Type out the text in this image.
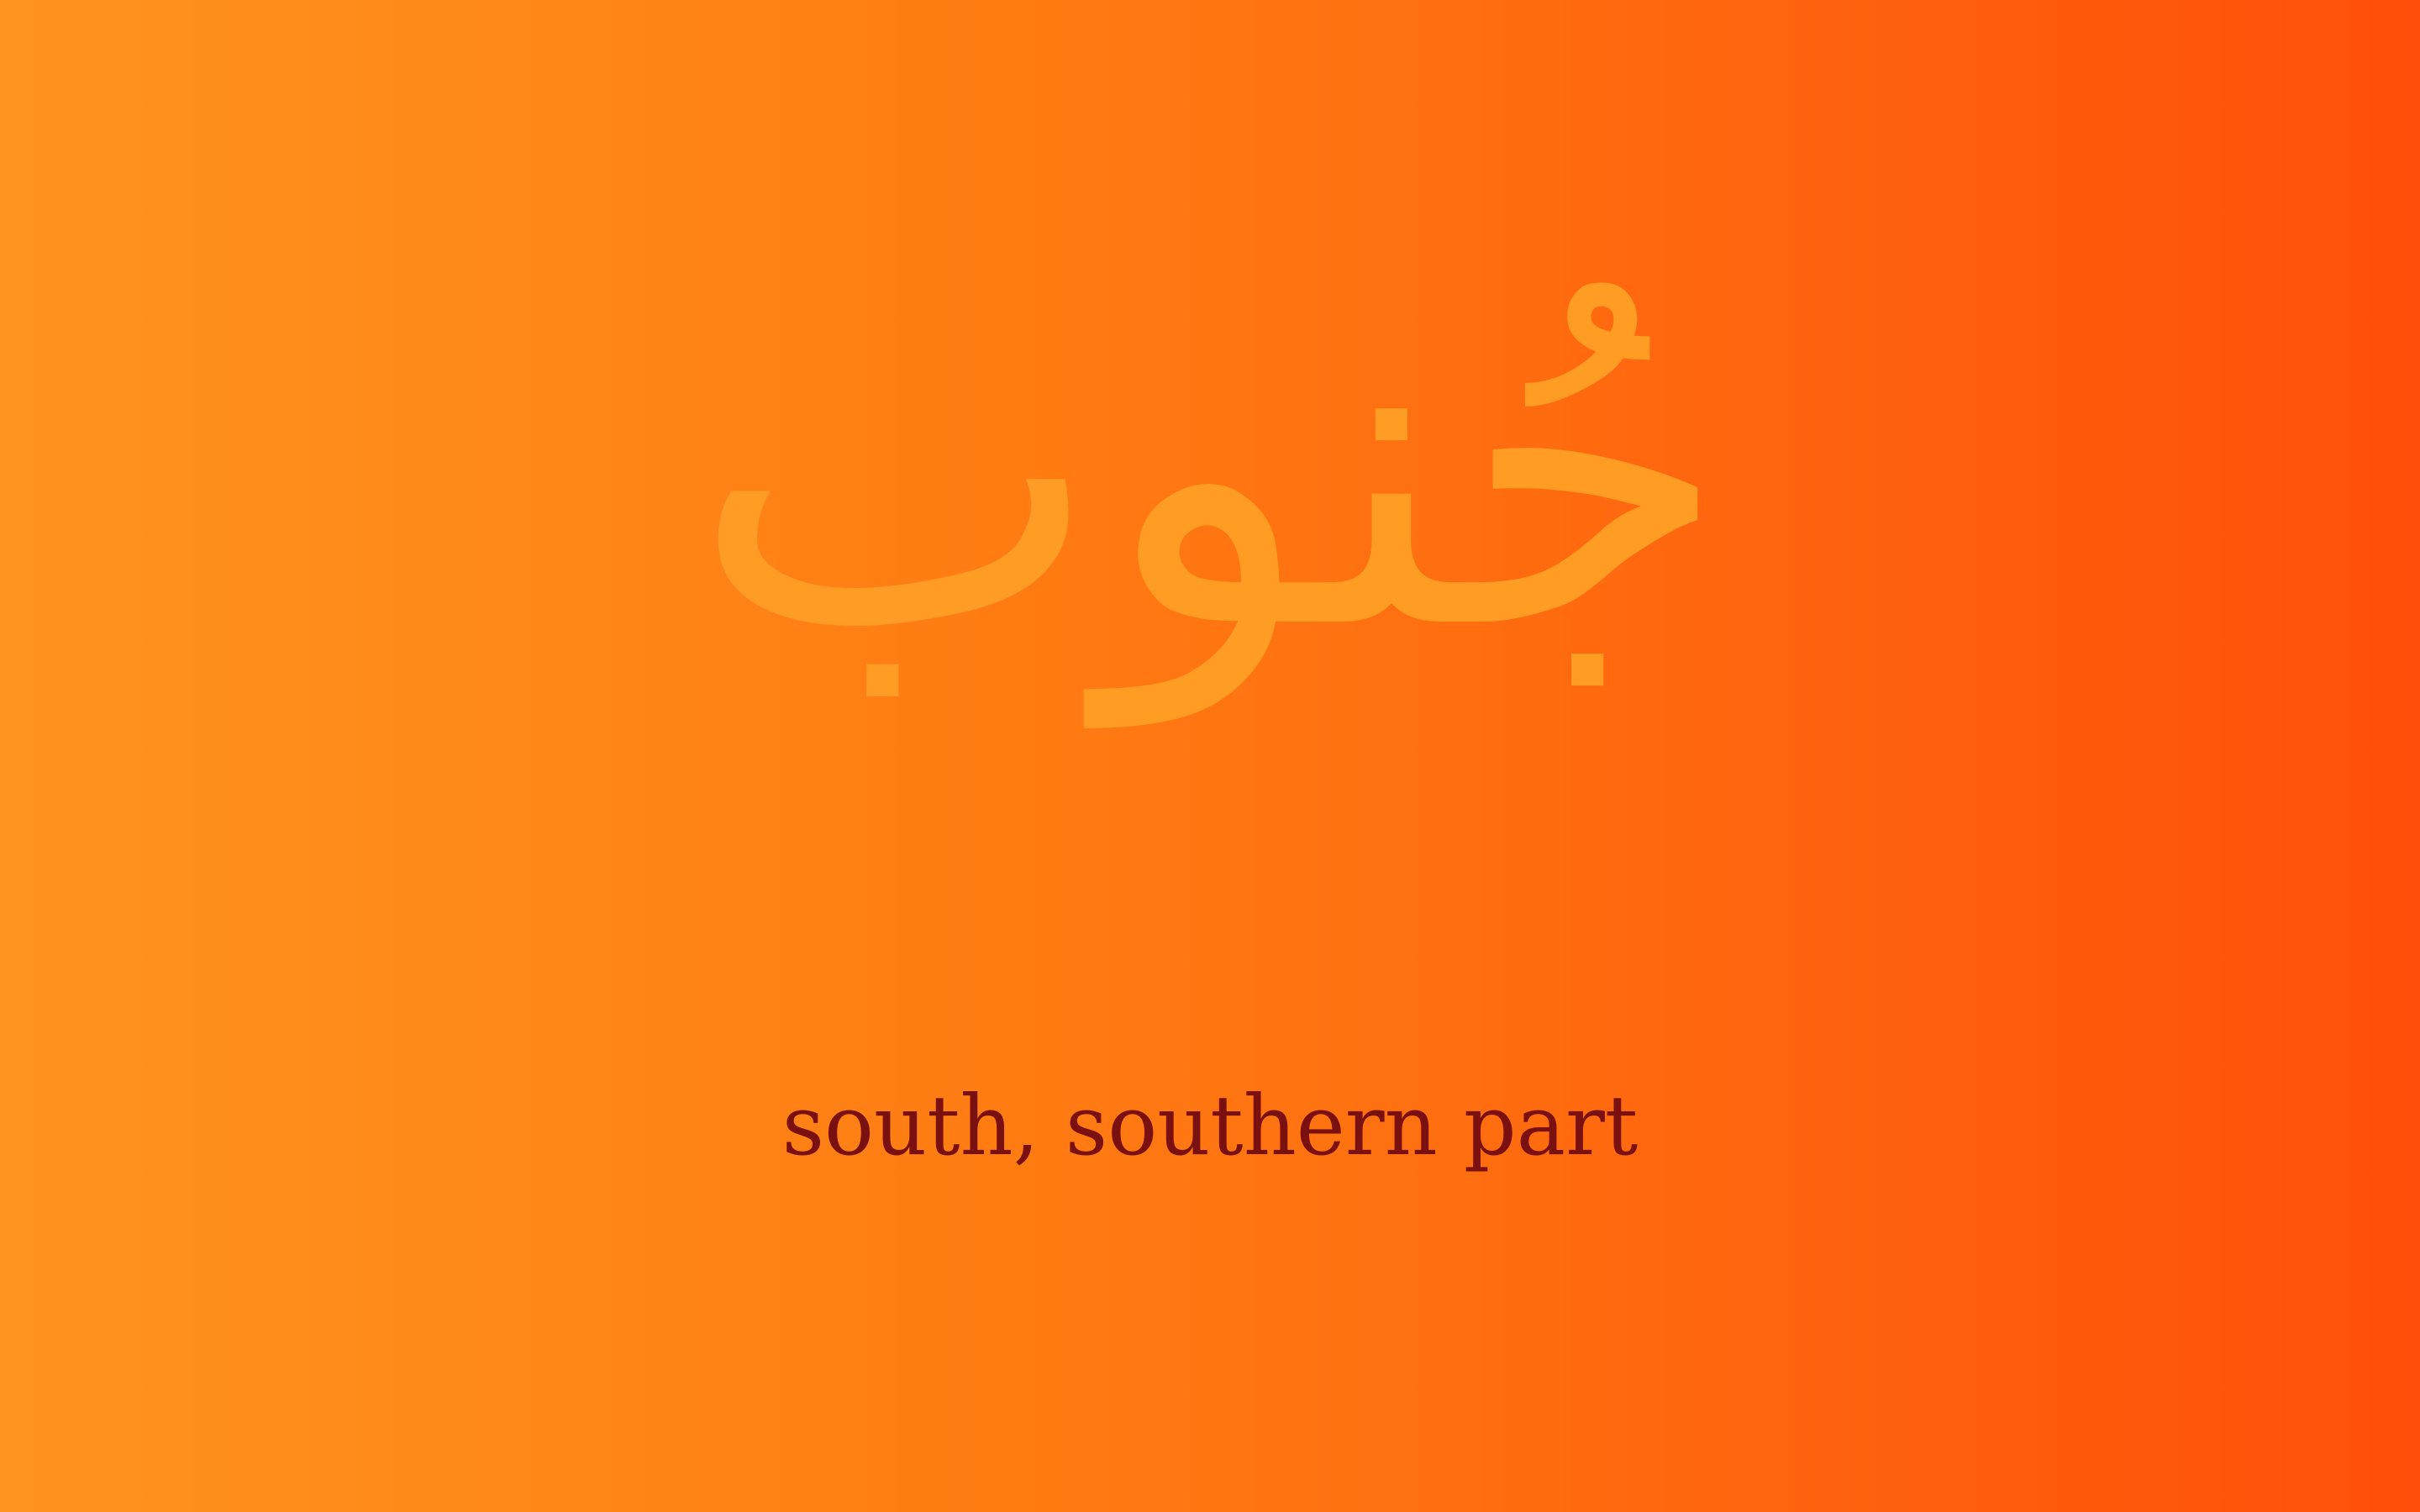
جُنوب
south, southern part
